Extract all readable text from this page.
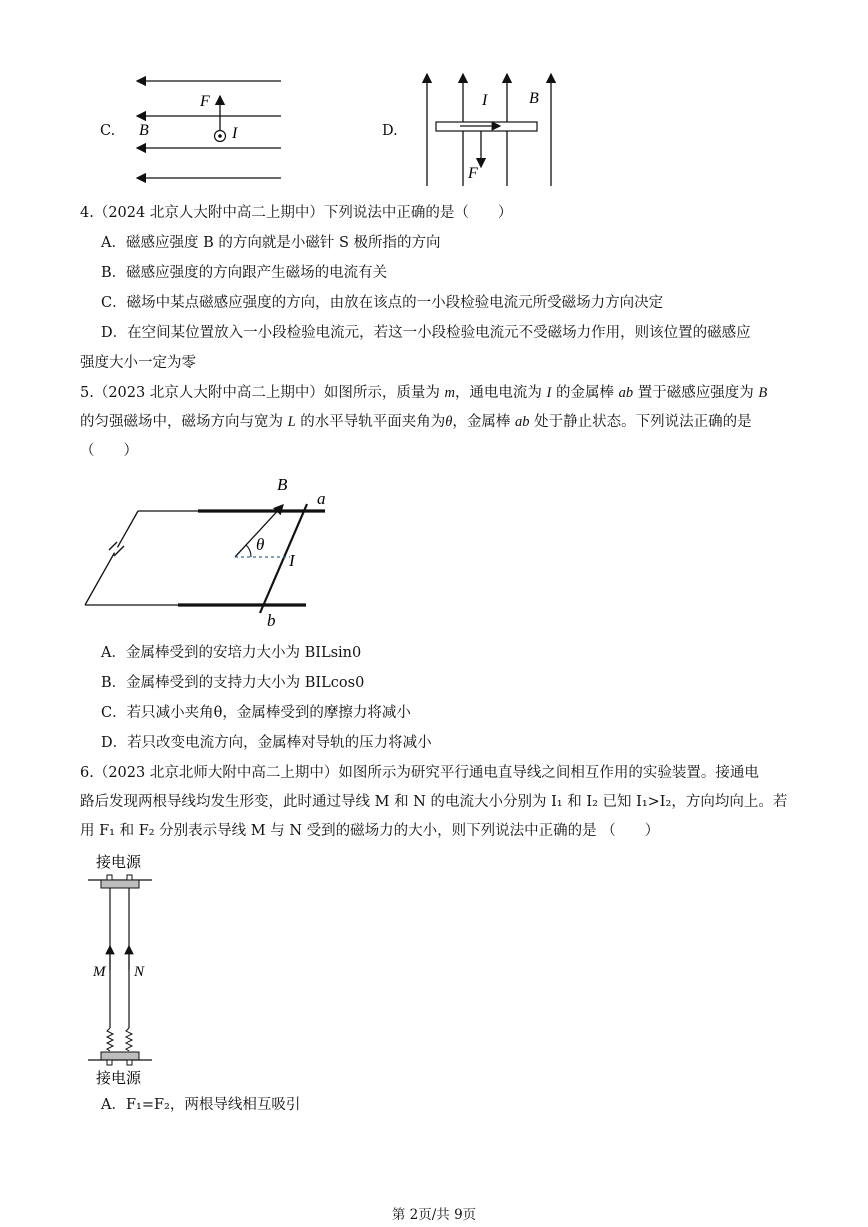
C.
F
B	I	D.
I	B
F
4.（2024 北京人大附中高二上期中）下列说法中正确的是（　　）
A．磁感应强度 B 的方向就是小磁针 S 极所指的方向
B．磁感应强度的方向跟产生磁场的电流有关
C．磁场中某点磁感应强度的方向，由放在该点的一小段检验电流元所受磁场力方向决定
D．在空间某位置放入一小段检验电流元，若这一小段检验电流元不受磁场力作用，则该位置的磁感应
强度大小一定为零
5.（2023 北京人大附中高二上期中）如图所示，质量为 m，通电电流为 I 的金属棒 ab 置于磁感应强度为 B
的匀强磁场中，磁场方向与宽为 L 的水平导轨平面夹角为θ，金属棒 ab 处于静止状态。下列说法正确的是
（　　）
B
a
θ
I
b
A．金属棒受到的安培力大小为 BILsin0
B．金属棒受到的支持力大小为 BILcos0
C．若只减小夹角θ，金属棒受到的摩擦力将减小
D．若只改变电流方向，金属棒对导轨的压力将减小
6.（2023 北京北师大附中高二上期中）如图所示为研究平行通电直导线之间相互作用的实验装置。接通电
路后发现两根导线均发生形变，此时通过导线 M 和 N 的电流大小分别为 I₁ 和 I₂ 已知 I₁>I₂，方向均向上。若
用 F₁ 和 F₂ 分别表示导线 M 与 N 受到的磁场力的大小，则下列说法中正确的是 （　　）
接电源
M N
接电源
A．F₁=F₂，两根导线相互吸引
第 2页/共 9页
